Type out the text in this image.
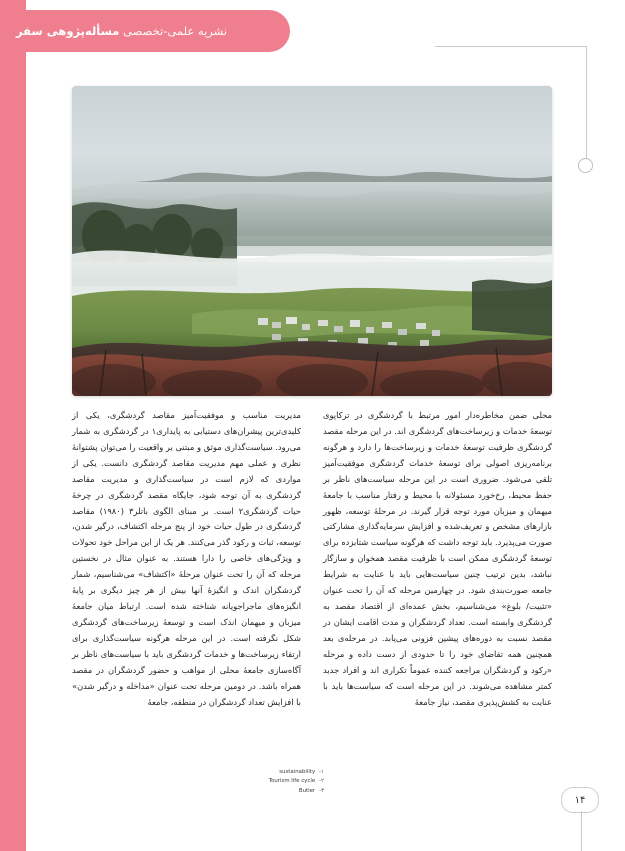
نشریه علمی-تخصصی مسأله‌پژوهی سفر

محلی ضمن مخاطره‌دار امور مرتبط با گردشگری در ترکاپوی توسعهٔ خدمات و زیرساخت‌های گردشگری اند. در این مرحله مقصد گردشگری ظرفیت توسعهٔ خدمات و زیرساخت‌ها را دارد و هرگونه برنامه‌ریزی اصولی برای توسعهٔ خدمات گردشگری موفقیت‌آمیز تلقی می‌شود. ضروری است در این مرحله سیاست‌های ناظر بر حفظ محیط، رخ‌خورد مسئولانه با محیط و رفتار مناسب با جامعهٔ میهمان و میزبان مورد توجه قرار گیرند. در مرحلهٔ توسعه، ظهور بازارهای مشخص و تعریف‌شده و افزایش سرمایه‌گذاری مشارکتی صورت می‌پذیرد. باید توجه داشت که هرگونه سیاست شتابزده برای توسعهٔ گردشگری ممکن است با ظرفیت مقصد همخوان و سازگار نباشد، بدین ترتیب چنین سیاست‌هایی باید با عنایت به شرایط جامعه صورت‌بندی شود. در چهارمین مرحله که آن را تحت عنوان «تثبیت/ بلوغ» می‌شناسیم، بخش عمده‌ای از اقتصاد مقصد به گردشگری وابسته است. تعداد گردشگران و مدت اقامت ایشان در مقصد نسبت به دوره‌های پیشین فزونی می‌یابد. در مرحله‌ی بعد همچنین همه تقاضای خود را تا حدودی از دست داده و مرحله «رکود و گردشگران مراجعه کننده عموماً تکراری اند و افراد جدید کمتر مشاهده می‌شوند. در این مرحله است که سیاست‌ها باید با عنایت به کشش‌پذیری مقصد، نیاز جامعهٔ

مدیریت مناسب و موفقیت‌آمیز مقاصد گردشگری، یکی از کلیدی‌ترین پیشران‌های دستیابی به پایداری۱ در گردشگری به شمار می‌رود. سیاست‌گذاری موثق و مبتنی بر واقعیت را می‌توان پشتوانهٔ نظری و عملی مهم مدیریت مقاصد گردشگری دانست. یکی از مواردی که لازم است در سیاست‌گذاری و مدیریت مقاصد گردشگری به آن توجه شود، جایگاه مقصد گردشگری در چرخهٔ حیات گردشگری۲ است. بر مبنای الگوی باتلر۳ (۱۹۸۰) مقاصد گردشگری در طول حیات خود از پنج مرحله اکتشاف، درگیر شدن، توسعه، ثبات و رکود گذر می‌کنند. هر یک از این مراحل خود تحولات و ویژگی‌های خاصی را دارا هستند. به عنوان مثال در نخستین مرحله که آن را تحت عنوان مرحلهٔ «اکتشاف» می‌شناسیم، شمار گردشگران اندک و انگیزهٔ آنها بیش از هر چیز دیگری بر پایهٔ انگیزه‌های ماجراجویانه شناخته شده است. ارتباط میان جامعهٔ میزبان و میهمان اندک است و توسعهٔ زیرساخت‌های گردشگری شکل نگرفته است. در این مرحله هرگونه سیاست‌گذاری برای ارتقاء زیرساخت‌ها و خدمات گردشگری باید با سیاست‌های ناظر بر آگاه‌سازی جامعهٔ محلی از مواهب و حضور گردشگران در مقصد همراه باشد. در دومین مرحله تحت عنوان «مداخله و درگیر شدن» با افزایش تعداد گردشگران در منطقه، جامعهٔ

۱-
sustainability
۲-
Tourism life cycle
۳-
Butler
۱۴
